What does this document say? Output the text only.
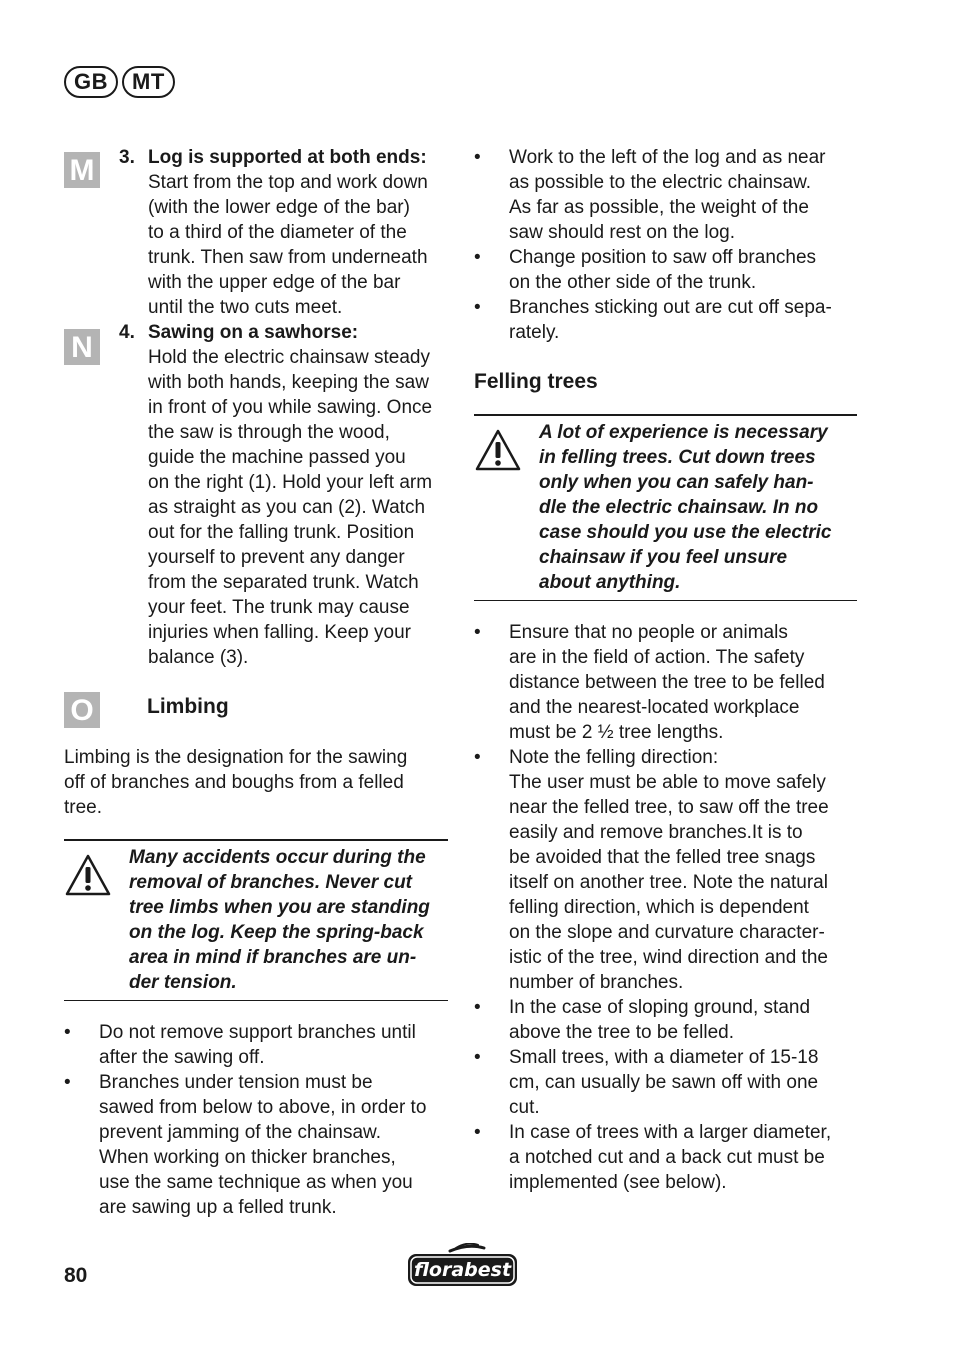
GB	MT
M
N
O
3. Log is supported at both ends:
Start from the top and work down
(with the lower edge of the bar)
to a third of the diameter of the
trunk. Then saw from underneath
with the upper edge of the bar
until the two cuts meet.
4. Sawing on a sawhorse:
Hold the electric chainsaw steady
with both hands, keeping the saw
in front of you while sawing. Once
the saw is through the wood,
guide the machine passed you
on the right (1). Hold your left arm
as straight as you can (2). Watch
out for the falling trunk. Position
yourself to prevent any danger
from the separated trunk. Watch
your feet. The trunk may cause
injuries when falling. Keep your
balance (3).
Limbing
Limbing is the designation for the sawing
off of branches and boughs from a felled
tree.
Many accidents occur during the
removal of branches. Never cut
tree limbs when you are standing
on the log. Keep the spring-back
area in mind if branches are un-
der tension.
• Do not remove support branches until
after the sawing off.
• Branches under tension must be
sawed from below to above, in order to
prevent jamming of the chainsaw.
When working on thicker branches,
use the same technique as when you
are sawing up a felled trunk.
• Work to the left of the log and as near
as possible to the electric chainsaw.
As far as possible, the weight of the
saw should rest on the log.
• Change position to saw off branches
on the other side of the trunk.
• Branches sticking out are cut off sepa-
rately.
Felling trees
A lot of experience is necessary
in felling trees. Cut down trees
only when you can safely han-
dle the electric chainsaw. In no
case should you use the electric
chainsaw if you feel unsure
about anything.
• Ensure that no people or animals
are in the field of action. The safety
distance between the tree to be felled
and the nearest-located workplace
must be 2 ½ tree lengths.
• Note the felling direction:
The user must be able to move safely
near the felled tree, to saw off the tree
easily and remove branches.It is to
be avoided that the felled tree snags
itself on another tree. Note the natural
felling direction, which is dependent
on the slope and curvature character-
istic of the tree, wind direction and the
number of branches.
• In the case of sloping ground, stand
above the tree to be felled.
• Small trees, with a diameter of 15-18
cm, can usually be sawn off with one
cut.
• In case of trees with a larger diameter,
a notched cut and a back cut must be
implemented (see below).
80	florabest
